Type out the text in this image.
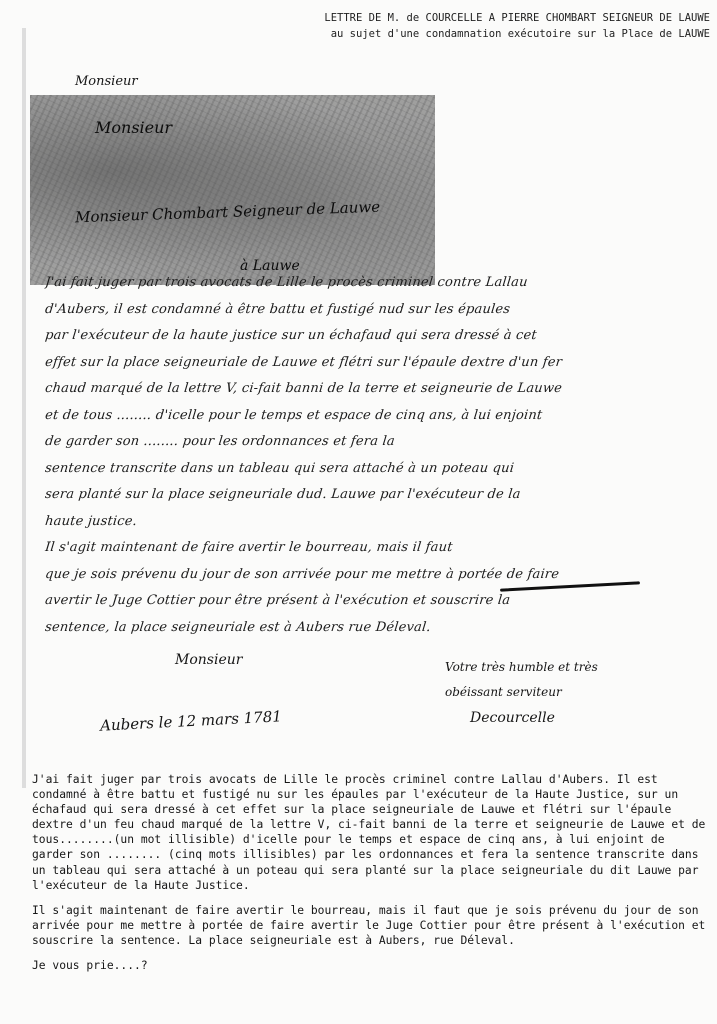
LETTRE DE M. de COURCELLE A PIERRE CHOMBART SEIGNEUR DE LAUWE
au sujet d'une condamnation exécutoire sur la Place de LAUWE
Monsieur
Monsieur
Monsieur Chombart Seigneur de Lauwe
à Lauwe
J'ai fait juger par trois avocats de Lille le procès criminel contre Lallau
d'Aubers, il est condamné à être battu et fustigé nud sur les épaules
par l'exécuteur de la haute justice sur un échafaud qui sera dressé à cet
effet sur la place seigneuriale de Lauwe et flétri sur l'épaule dextre d'un fer
chaud marqué de la lettre V, ci-fait banni de la terre et seigneurie de Lauwe
et de tous ........ d'icelle pour le temps et espace de cinq ans, à lui enjoint
de garder son ........ pour les ordonnances et fera la
sentence transcrite dans un tableau qui sera attaché à un poteau qui
sera planté sur la place seigneuriale dud. Lauwe par l'exécuteur de la
haute justice.
Il s'agit maintenant de faire avertir le bourreau, mais il faut
que je sois prévenu du jour de son arrivée pour me mettre à portée de faire
avertir le Juge Cottier pour être présent à l'exécution et souscrire la
sentence, la place seigneuriale est à Aubers rue Déleval.
Monsieur	Votre très humble et très
obéissant serviteur
Decourcelle
Aubers le 12 mars 1781

J'ai fait juger par trois avocats de Lille le procès criminel contre Lallau d'Aubers. Il est condamné à être battu et fustigé nu sur les épaules par l'exécuteur de la Haute Justice, sur un échafaud qui sera dressé à cet effet sur la place seigneuriale de Lauwe et flétri sur l'épaule dextre d'un feu chaud marqué de la lettre V, ci-fait banni de la terre et seigneurie de Lauwe et de tous........(un mot illisible) d'icelle pour le temps et espace de cinq ans, à lui enjoint de garder son ........ (cinq mots illisibles) par les ordonnances et fera la sentence transcrite dans un tableau qui sera attaché à un poteau qui sera planté sur la place seigneuriale du dit Lauwe par l'exécuteur de la Haute Justice.

Il s'agit maintenant de faire avertir le bourreau, mais il faut que je sois prévenu du jour de son arrivée pour me mettre à portée de faire avertir le Juge Cottier pour être présent à l'exécution et souscrire la sentence. La place seigneuriale est à Aubers, rue Déleval.

Je vous prie....?
